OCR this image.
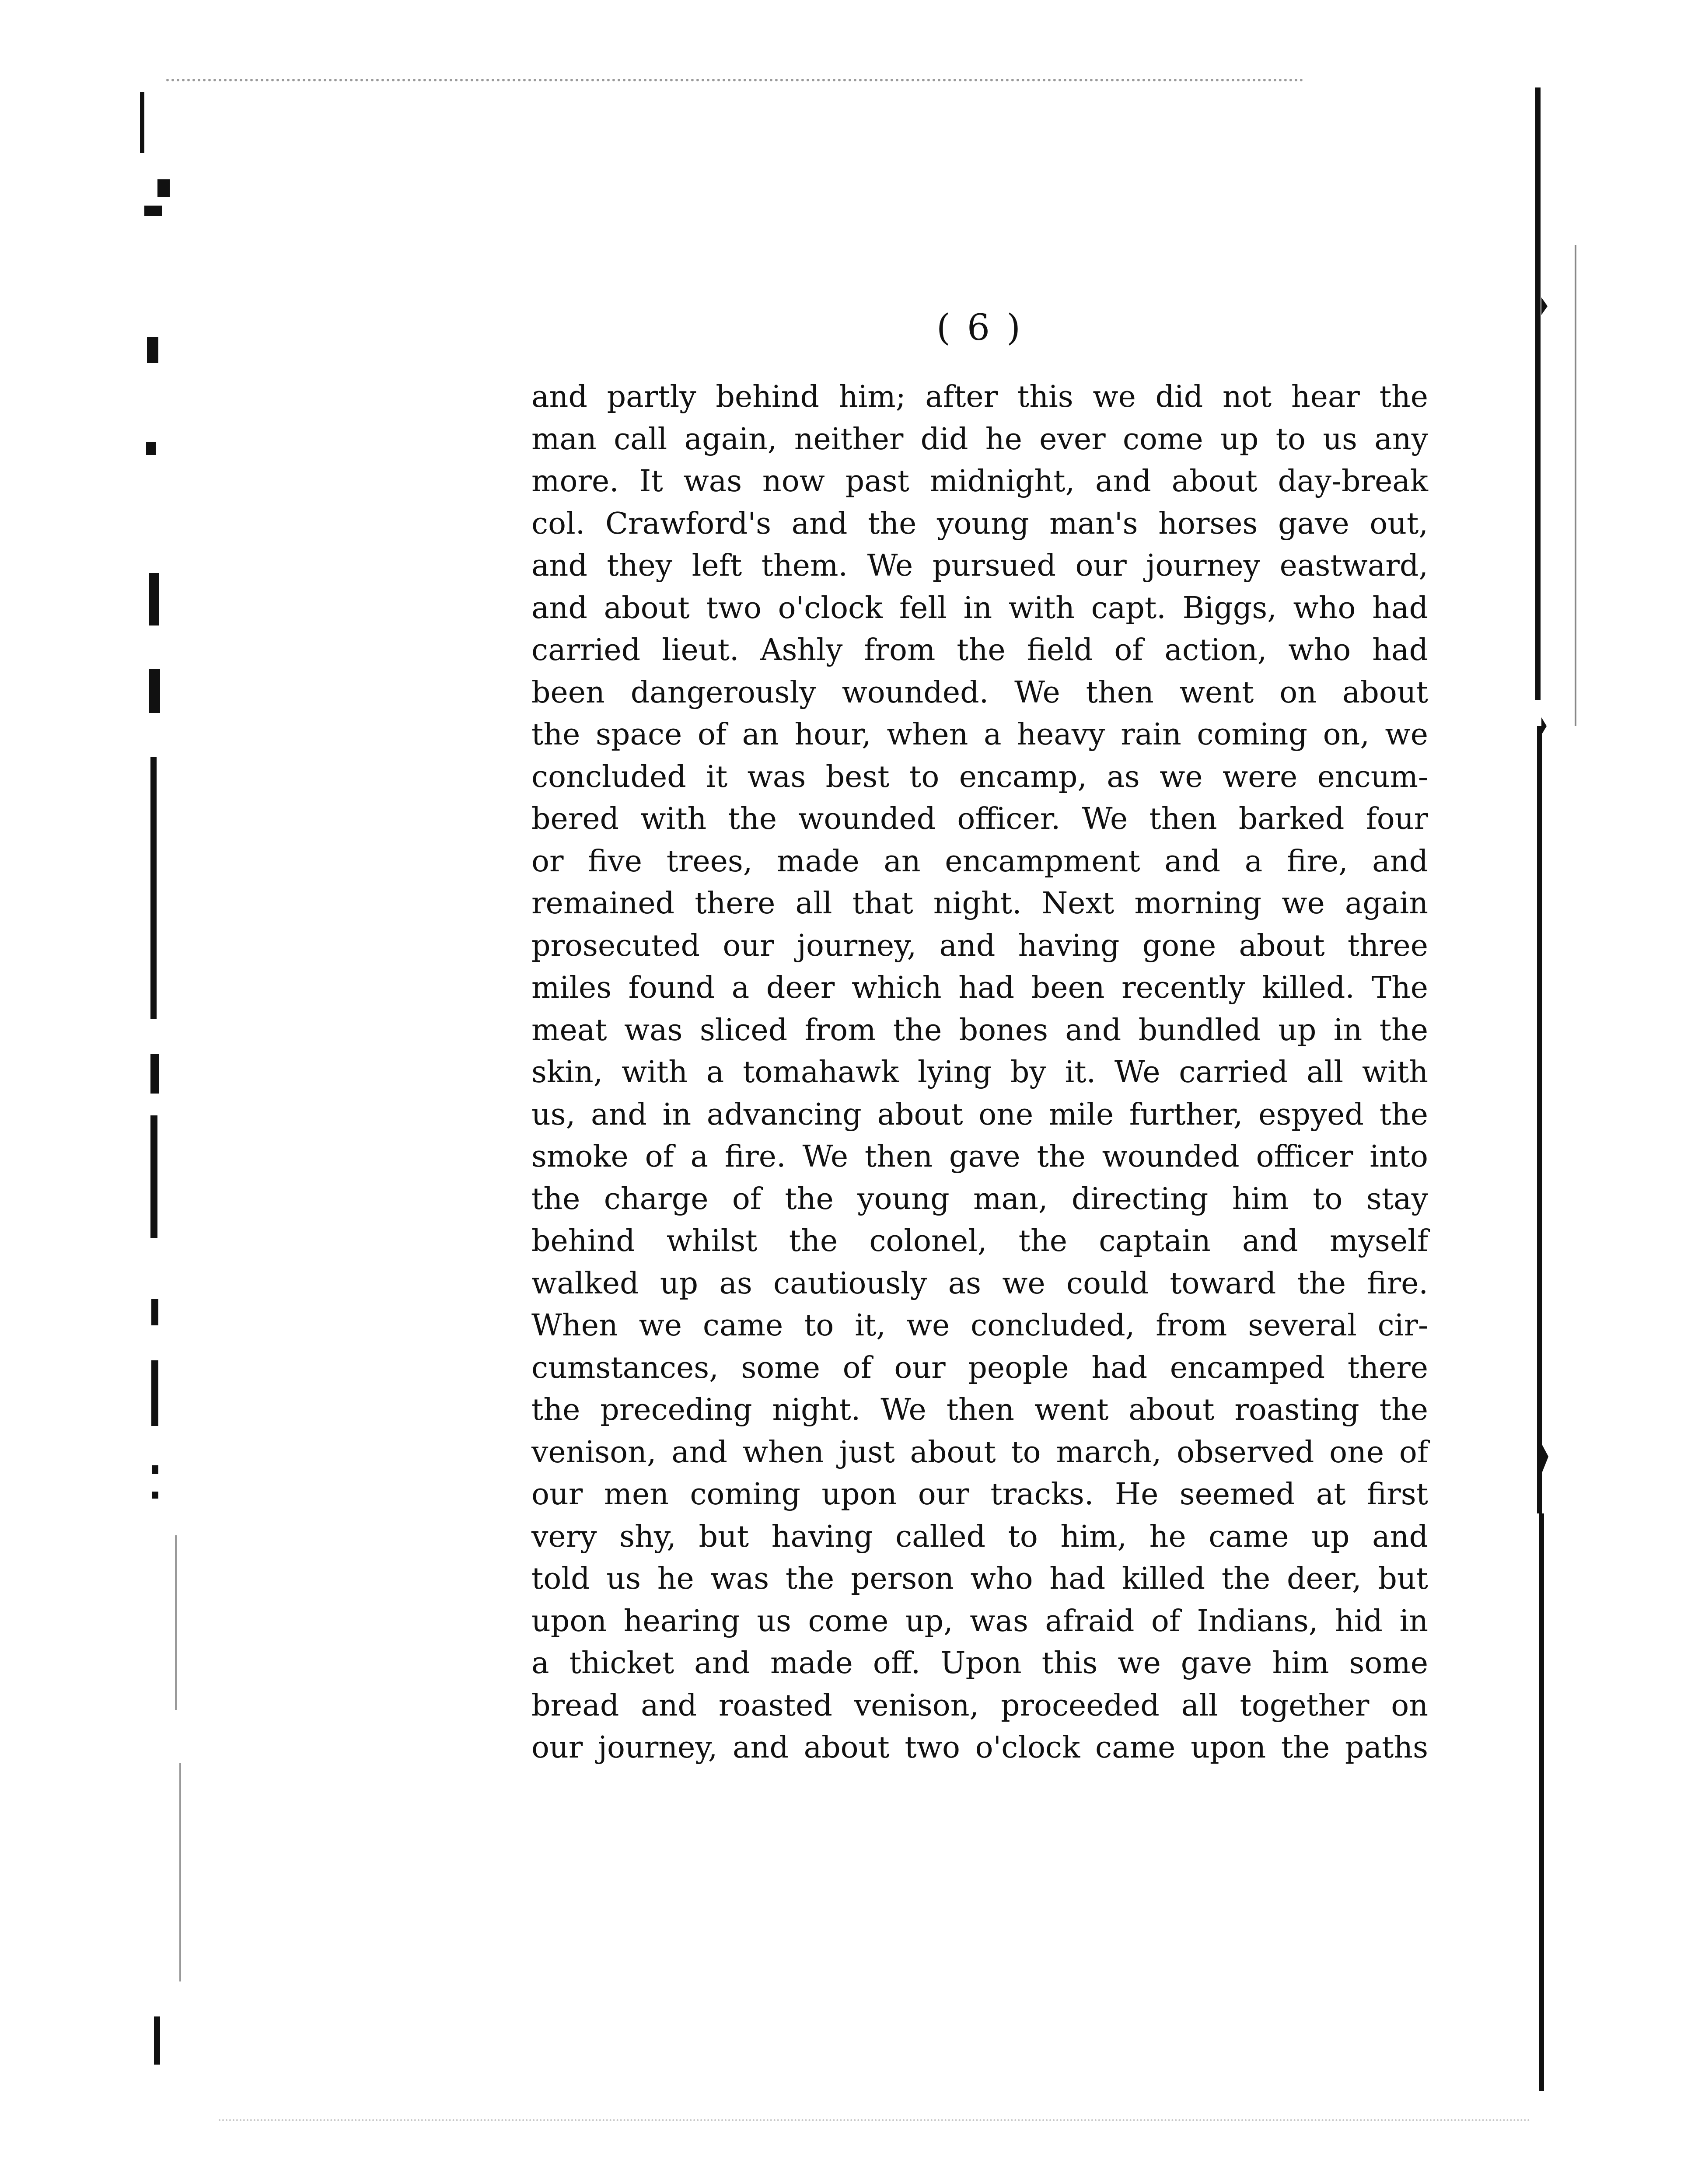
( 6 )
and partly behind him; after this we did not hear the
man call again, neither did he ever come up to us any
more. It was now past midnight, and about day-break
col. Crawford's and the young man's horses gave out,
and they left them. We pursued our journey eastward,
and about two o'clock fell in with capt. Biggs, who had
carried lieut. Ashly from the field of action, who had
been dangerously wounded. We then went on about
the space of an hour, when a heavy rain coming on, we
concluded it was best to encamp, as we were encum-
bered with the wounded officer. We then barked four
or five trees, made an encampment and a fire, and
remained there all that night. Next morning we again
prosecuted our journey, and having gone about three
miles found a deer which had been recently killed. The
meat was sliced from the bones and bundled up in the
skin, with a tomahawk lying by it. We carried all with
us, and in advancing about one mile further, espyed the
smoke of a fire. We then gave the wounded officer into
the charge of the young man, directing him to stay
behind whilst the colonel, the captain and myself
walked up as cautiously as we could toward the fire.
When we came to it, we concluded, from several cir-
cumstances, some of our people had encamped there
the preceding night. We then went about roasting the
venison, and when just about to march, observed one of
our men coming upon our tracks. He seemed at first
very shy, but having called to him, he came up and
told us he was the person who had killed the deer, but
upon hearing us come up, was afraid of Indians, hid in
a thicket and made off. Upon this we gave him some
bread and roasted venison, proceeded all together on
our journey, and about two o'clock came upon the paths
